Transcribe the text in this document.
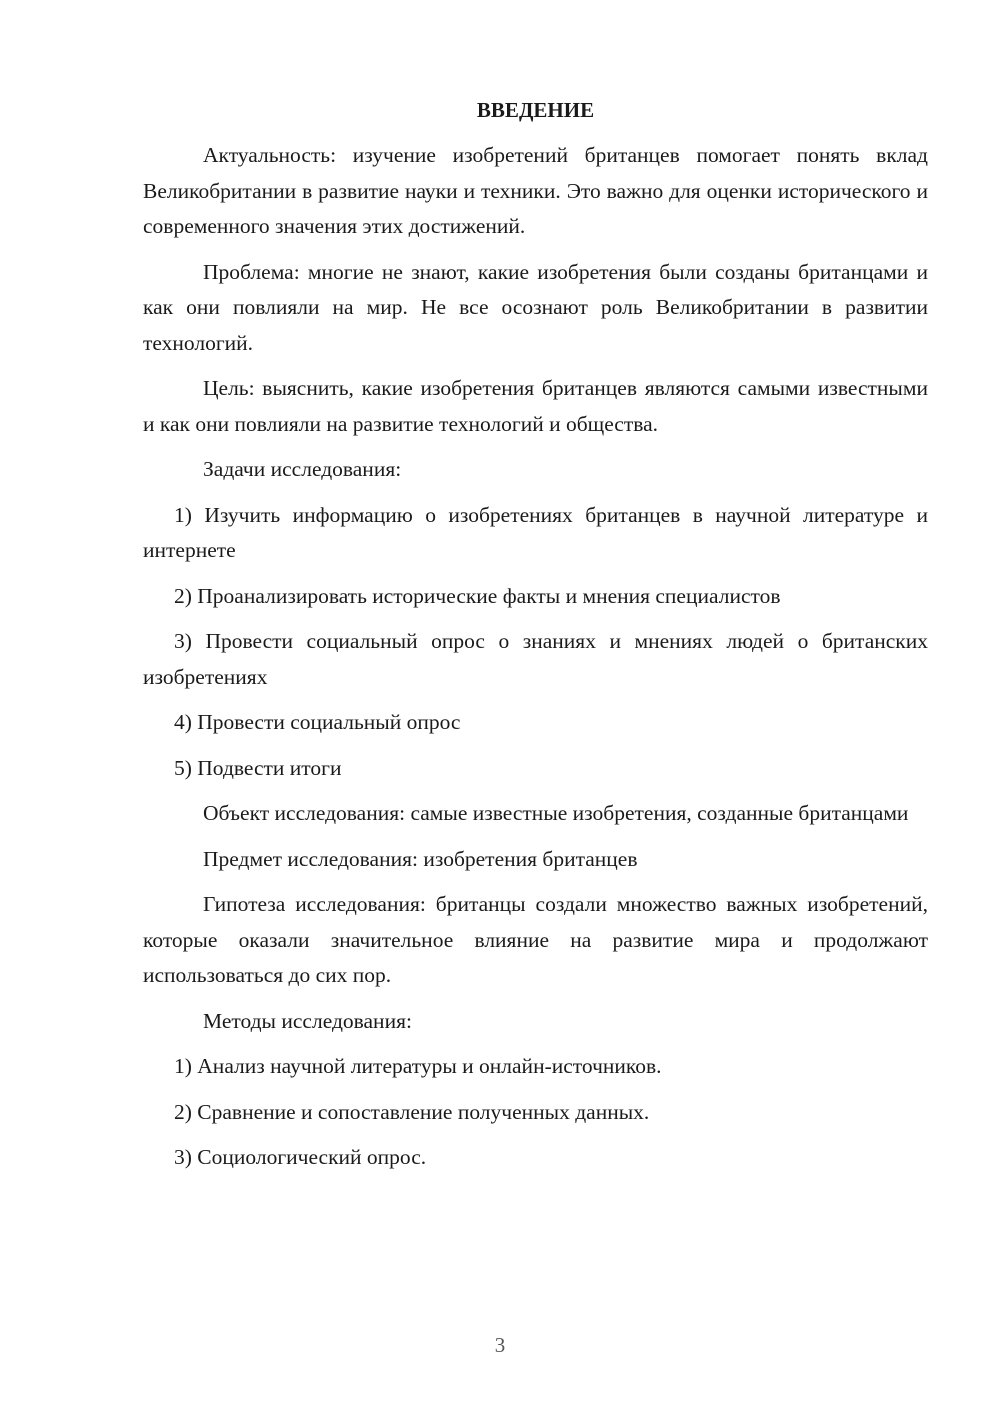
ВВЕДЕНИЕ

Актуальность: изучение изобретений британцев помогает понять вклад Великобритании в развитие науки и техники. Это важно для оценки исторического и современного значения этих достижений.

Проблема: многие не знают, какие изобретения были созданы британцами и как они повлияли на мир. Не все осознают роль Великобритании в развитии технологий.

Цель: выяснить, какие изобретения британцев являются самыми известными и как они повлияли на развитие технологий и общества.

Задачи исследования:

1) Изучить информацию о изобретениях британцев в научной литературе и интернете

2) Проанализировать исторические факты и мнения специалистов

3) Провести социальный опрос о знаниях и мнениях людей о британских изобретениях

4) Провести социальный опрос

5) Подвести итоги

Объект исследования: самые известные изобретения, созданные британцами

Предмет исследования: изобретения британцев

Гипотеза исследования: британцы создали множество важных изобретений, которые оказали значительное влияние на развитие мира и продолжают использоваться до сих пор.

Методы исследования:

1) Анализ научной литературы и онлайн-источников.

2) Сравнение и сопоставление полученных данных.

3) Социологический опрос.

3
